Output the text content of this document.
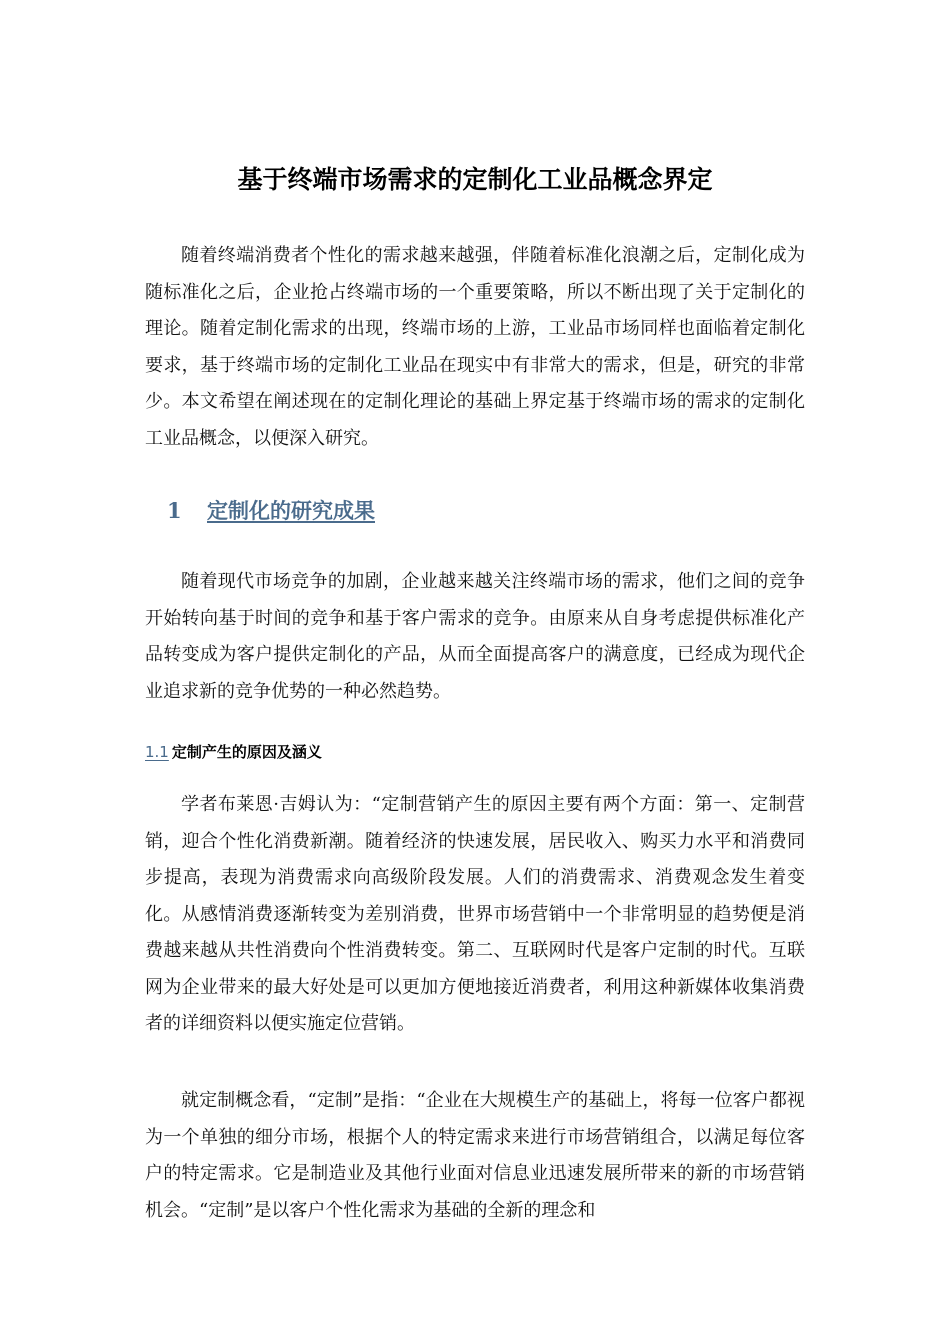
基于终端市场需求的定制化工业品概念界定

随着终端消费者个性化的需求越来越强，伴随着标准化浪潮之后，定制化成为随标准化之后，企业抢占终端市场的一个重要策略，所以不断出现了关于定制化的理论。随着定制化需求的出现，终端市场的上游，工业品市场同样也面临着定制化要求，基于终端市场的定制化工业品在现实中有非常大的需求，但是，研究的非常少。本文希望在阐述现在的定制化理论的基础上界定基于终端市场的需求的定制化工业品概念，以便深入研究。

1 定制化的研究成果

随着现代市场竞争的加剧，企业越来越关注终端市场的需求，他们之间的竞争开始转向基于时间的竞争和基于客户需求的竞争。由原来从自身考虑提供标准化产品转变成为客户提供定制化的产品，从而全面提高客户的满意度，已经成为现代企业追求新的竞争优势的一种必然趋势。

1.1 定制产生的原因及涵义

学者布莱恩·吉姆认为：“定制营销产生的原因主要有两个方面：第一、定制营销，迎合个性化消费新潮。随着经济的快速发展，居民收入、购买力水平和消费同步提高，表现为消费需求向高级阶段发展。人们的消费需求、消费观念发生着变化。从感情消费逐渐转变为差别消费，世界市场营销中一个非常明显的趋势便是消费越来越从共性消费向个性消费转变。第二、互联网时代是客户定制的时代。互联网为企业带来的最大好处是可以更加方便地接近消费者，利用这种新媒体收集消费者的详细资料以便实施定位营销。

就定制概念看，“定制”是指：“企业在大规模生产的基础上，将每一位客户都视为一个单独的细分市场，根据个人的特定需求来进行市场营销组合，以满足每位客户的特定需求。它是制造业及其他行业面对信息业迅速发展所带来的新的市场营销机会。“定制”是以客户个性化需求为基础的全新的理念和
